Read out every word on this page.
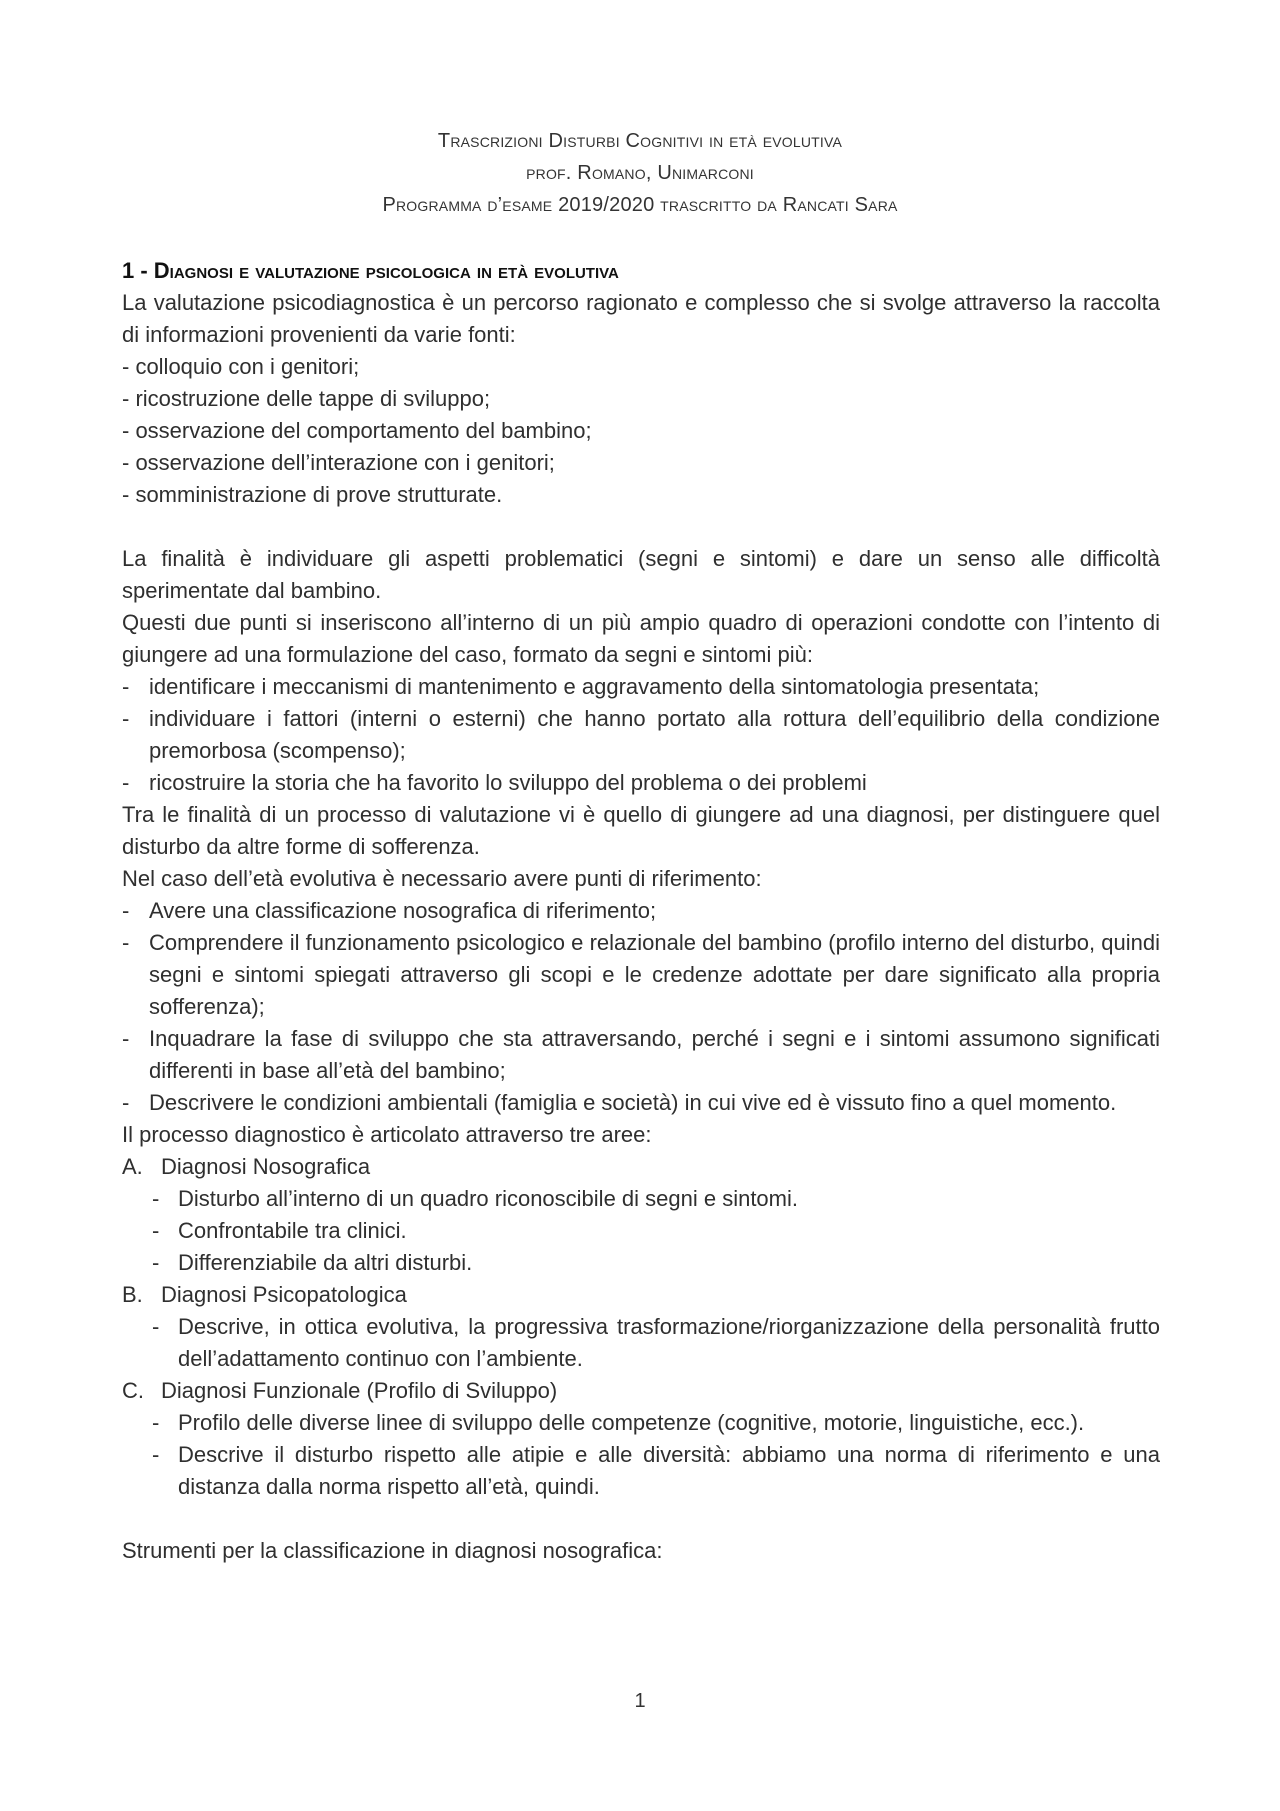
Trascrizioni Disturbi Cognitivi in età evolutiva
prof. Romano, Unimarconi
Programma d’esame 2019/2020 trascritto da Rancati Sara
1 - Diagnosi e valutazione psicologica in età evolutiva

La valutazione psicodiagnostica è un percorso ragionato e complesso che si svolge attraverso la raccolta di informazioni provenienti da varie fonti:

- colloquio con i genitori;
- ricostruzione delle tappe di sviluppo;
- osservazione del comportamento del bambino;
- osservazione dell’interazione con i genitori;
- somministrazione di prove strutturate.

La finalità è individuare gli aspetti problematici (segni e sintomi) e dare un senso alle difficoltà sperimentate dal bambino.

Questi due punti si inseriscono all’interno di un più ampio quadro di operazioni condotte con l’intento di giungere ad una formulazione del caso, formato da segni e sintomi più:

- identificare i meccanismi di mantenimento e aggravamento della sintomatologia presentata;
- individuare i fattori (interni o esterni) che hanno portato alla rottura dell’equilibrio della condizione premorbosa (scompenso);
- ricostruire la storia che ha favorito lo sviluppo del problema o dei problemi

Tra le finalità di un processo di valutazione vi è quello di giungere ad una diagnosi, per distinguere quel disturbo da altre forme di sofferenza.

Nel caso dell’età evolutiva è necessario avere punti di riferimento:

- Avere una classificazione nosografica di riferimento;
- Comprendere il funzionamento psicologico e relazionale del bambino (profilo interno del disturbo, quindi segni e sintomi spiegati attraverso gli scopi e le credenze adottate per dare significato alla propria sofferenza);
- Inquadrare la fase di sviluppo che sta attraversando, perché i segni e i sintomi assumono significati differenti in base all’età del bambino;
- Descrivere le condizioni ambientali (famiglia e società) in cui vive ed è vissuto fino a quel momento.

Il processo diagnostico è articolato attraverso tre aree:

A. Diagnosi Nosografica
- Disturbo all’interno di un quadro riconoscibile di segni e sintomi.
- Confrontabile tra clinici.
- Differenziabile da altri disturbi.
B. Diagnosi Psicopatologica
- Descrive, in ottica evolutiva, la progressiva trasformazione/riorganizzazione della personalità frutto dell’adattamento continuo con l’ambiente.
C. Diagnosi Funzionale (Profilo di Sviluppo)
- Profilo delle diverse linee di sviluppo delle competenze (cognitive, motorie, linguistiche, ecc.).
- Descrive il disturbo rispetto alle atipie e alle diversità: abbiamo una norma di riferimento e una distanza dalla norma rispetto all’età, quindi.

Strumenti per la classificazione in diagnosi nosografica:

1
